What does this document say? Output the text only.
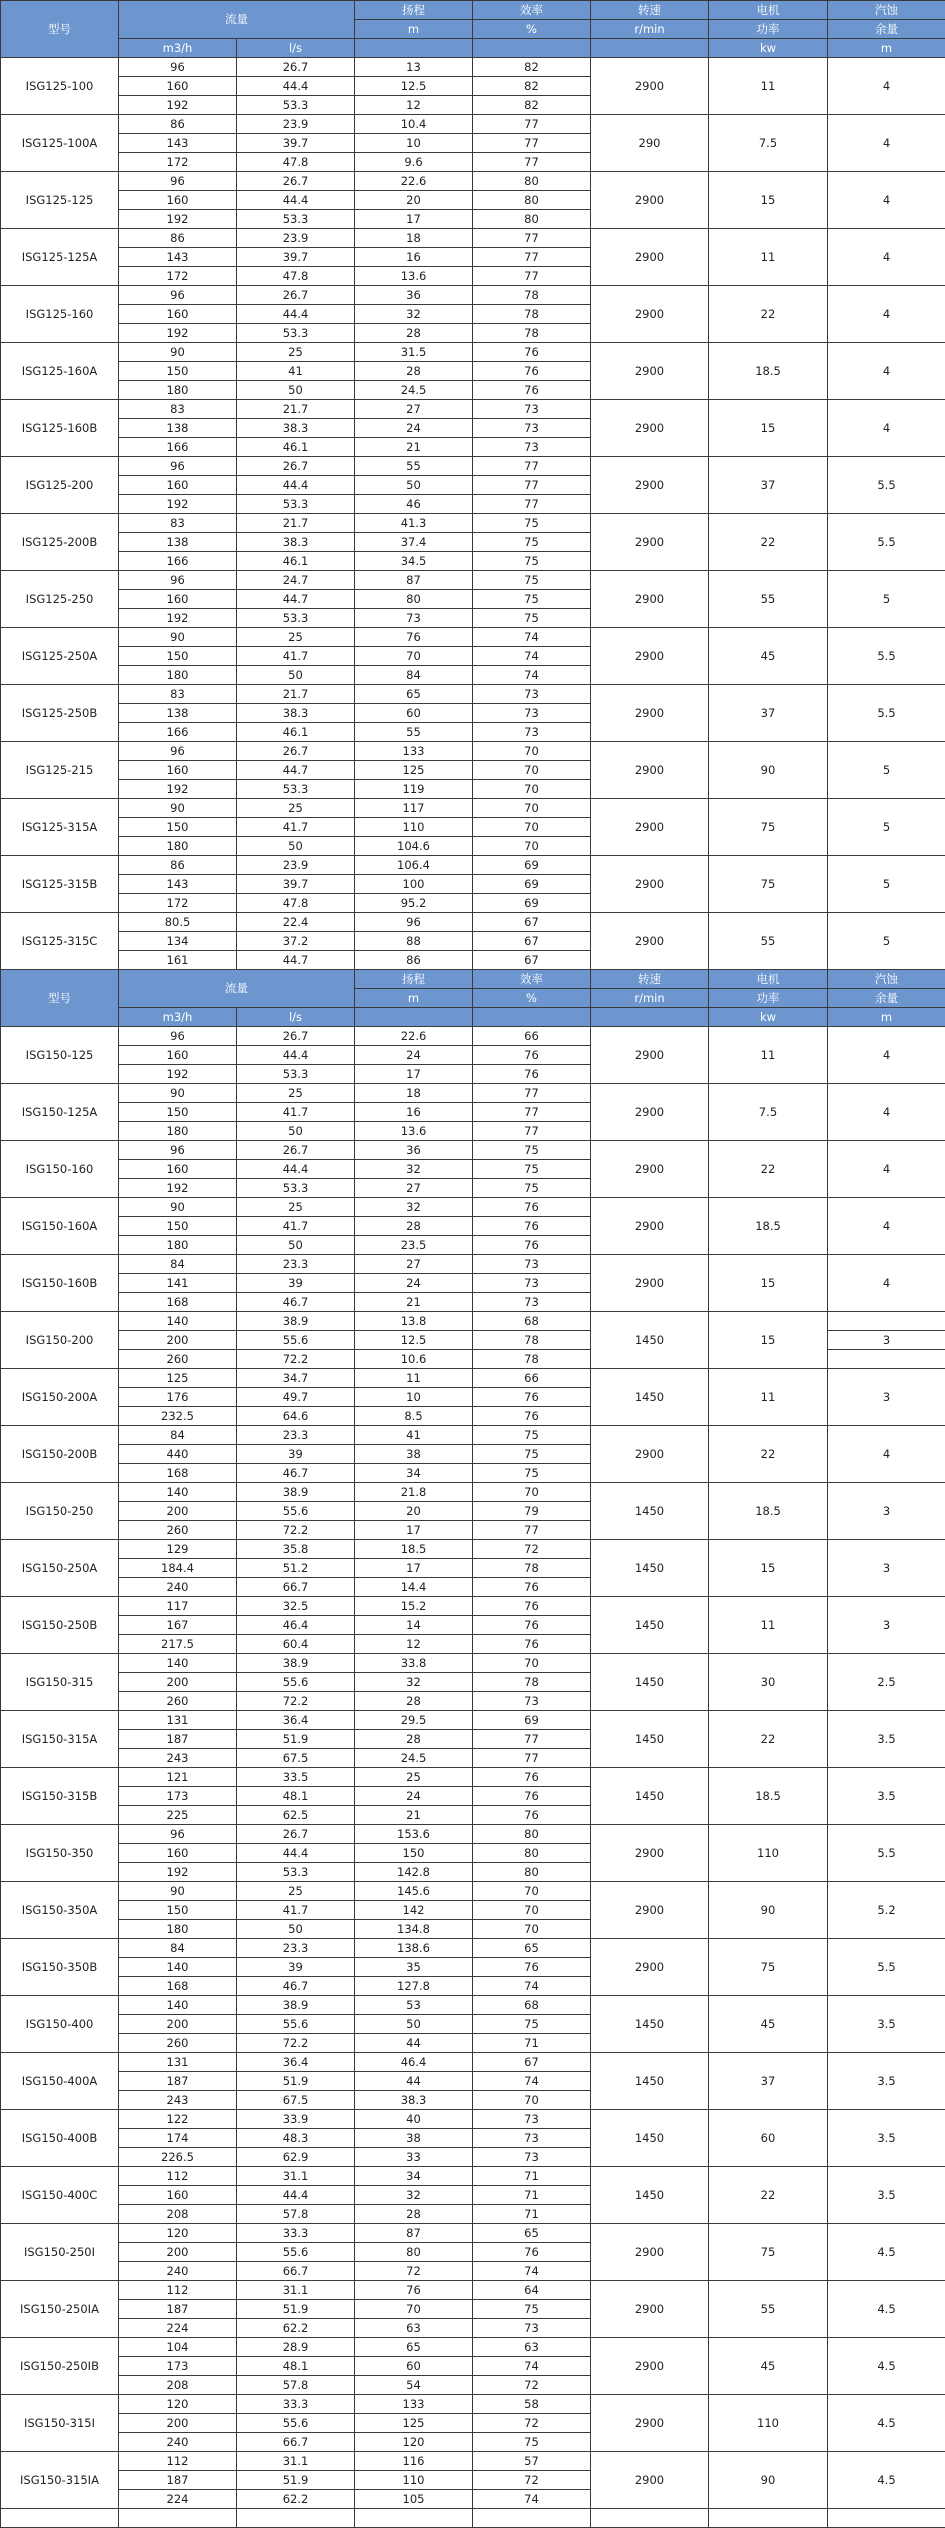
型号	流量		扬程	效率	转速	电机	汽蚀
			m	%	r/min	功率	余量
	m3/h	l/s				kw	m
ISG125-100	96	26.7	13	82	2900	11	4
	160	44.4	12.5	82			
	192	53.3	12	82			
ISG125-100A	86	23.9	10.4	77	290	7.5	4
	143	39.7	10	77			
	172	47.8	9.6	77			
ISG125-125	96	26.7	22.6	80	2900	15	4
	160	44.4	20	80			
	192	53.3	17	80			
ISG125-125A	86	23.9	18	77	2900	11	4
	143	39.7	16	77			
	172	47.8	13.6	77			
ISG125-160	96	26.7	36	78	2900	22	4
	160	44.4	32	78			
	192	53.3	28	78			
ISG125-160A	90	25	31.5	76	2900	18.5	4
	150	41	28	76			
	180	50	24.5	76			
ISG125-160B	83	21.7	27	73	2900	15	4
	138	38.3	24	73			
	166	46.1	21	73			
ISG125-200	96	26.7	55	77	2900	37	5.5
	160	44.4	50	77			
	192	53.3	46	77			
ISG125-200B	83	21.7	41.3	75	2900	22	5.5
	138	38.3	37.4	75			
	166	46.1	34.5	75			
ISG125-250	96	24.7	87	75	2900	55	5
	160	44.7	80	75			
	192	53.3	73	75			
ISG125-250A	90	25	76	74	2900	45	5.5
	150	41.7	70	74			
	180	50	84	74			
ISG125-250B	83	21.7	65	73	2900	37	5.5
	138	38.3	60	73			
	166	46.1	55	73			
ISG125-215	96	26.7	133	70	2900	90	5
	160	44.7	125	70			
	192	53.3	119	70			
ISG125-315A	90	25	117	70	2900	75	5
	150	41.7	110	70			
	180	50	104.6	70			
ISG125-315B	86	23.9	106.4	69	2900	75	5
	143	39.7	100	69			
	172	47.8	95.2	69			
ISG125-315C	80.5	22.4	96	67	2900	55	5
	134	37.2	88	67			
	161	44.7	86	67			
型号	流量		扬程	效率	转速	电机	汽蚀
			m	%	r/min	功率	余量
	m3/h	l/s				kw	m
ISG150-125	96	26.7	22.6	66	2900	11	4
	160	44.4	24	76			
	192	53.3	17	76			
ISG150-125A	90	25	18	77	2900	7.5	4
	150	41.7	16	77			
	180	50	13.6	77			
ISG150-160	96	26.7	36	75	2900	22	4
	160	44.4	32	75			
	192	53.3	27	75			
ISG150-160A	90	25	32	76	2900	18.5	4
	150	41.7	28	76			
	180	50	23.5	76			
ISG150-160B	84	23.3	27	73	2900	15	4
	141	39	24	73			
	168	46.7	21	73			
ISG150-200	140	38.9	13.8	68	1450	15	
	200	55.6	12.5	78			3
	260	72.2	10.6	78			
ISG150-200A	125	34.7	11	66	1450	11	3
	176	49.7	10	76			
	232.5	64.6	8.5	76			
ISG150-200B	84	23.3	41	75	2900	22	4
	440	39	38	75			
	168	46.7	34	75			
ISG150-250	140	38.9	21.8	70	1450	18.5	3
	200	55.6	20	79			
	260	72.2	17	77			
ISG150-250A	129	35.8	18.5	72	1450	15	3
	184.4	51.2	17	78			
	240	66.7	14.4	76			
ISG150-250B	117	32.5	15.2	76	1450	11	3
	167	46.4	14	76			
	217.5	60.4	12	76			
ISG150-315	140	38.9	33.8	70	1450	30	2.5
	200	55.6	32	78			
	260	72.2	28	73			
ISG150-315A	131	36.4	29.5	69	1450	22	3.5
	187	51.9	28	77			
	243	67.5	24.5	77			
ISG150-315B	121	33.5	25	76	1450	18.5	3.5
	173	48.1	24	76			
	225	62.5	21	76			
ISG150-350	96	26.7	153.6	80	2900	110	5.5
	160	44.4	150	80			
	192	53.3	142.8	80			
ISG150-350A	90	25	145.6	70	2900	90	5.2
	150	41.7	142	70			
	180	50	134.8	70			
ISG150-350B	84	23.3	138.6	65	2900	75	5.5
	140	39	35	76			
	168	46.7	127.8	74			
ISG150-400	140	38.9	53	68	1450	45	3.5
	200	55.6	50	75			
	260	72.2	44	71			
ISG150-400A	131	36.4	46.4	67	1450	37	3.5
	187	51.9	44	74			
	243	67.5	38.3	70			
ISG150-400B	122	33.9	40	73	1450	60	3.5
	174	48.3	38	73			
	226.5	62.9	33	73			
ISG150-400C	112	31.1	34	71	1450	22	3.5
	160	44.4	32	71			
	208	57.8	28	71			
ISG150-250I	120	33.3	87	65	2900	75	4.5
	200	55.6	80	76			
	240	66.7	72	74			
ISG150-250IA	112	31.1	76	64	2900	55	4.5
	187	51.9	70	75			
	224	62.2	63	73			
ISG150-250IB	104	28.9	65	63	2900	45	4.5
	173	48.1	60	74			
	208	57.8	54	72			
ISG150-315I	120	33.3	133	58	2900	110	4.5
	200	55.6	125	72			
	240	66.7	120	75			
ISG150-315IA	112	31.1	116	57	2900	90	4.5
	187	51.9	110	72			
	224	62.2	105	74			
